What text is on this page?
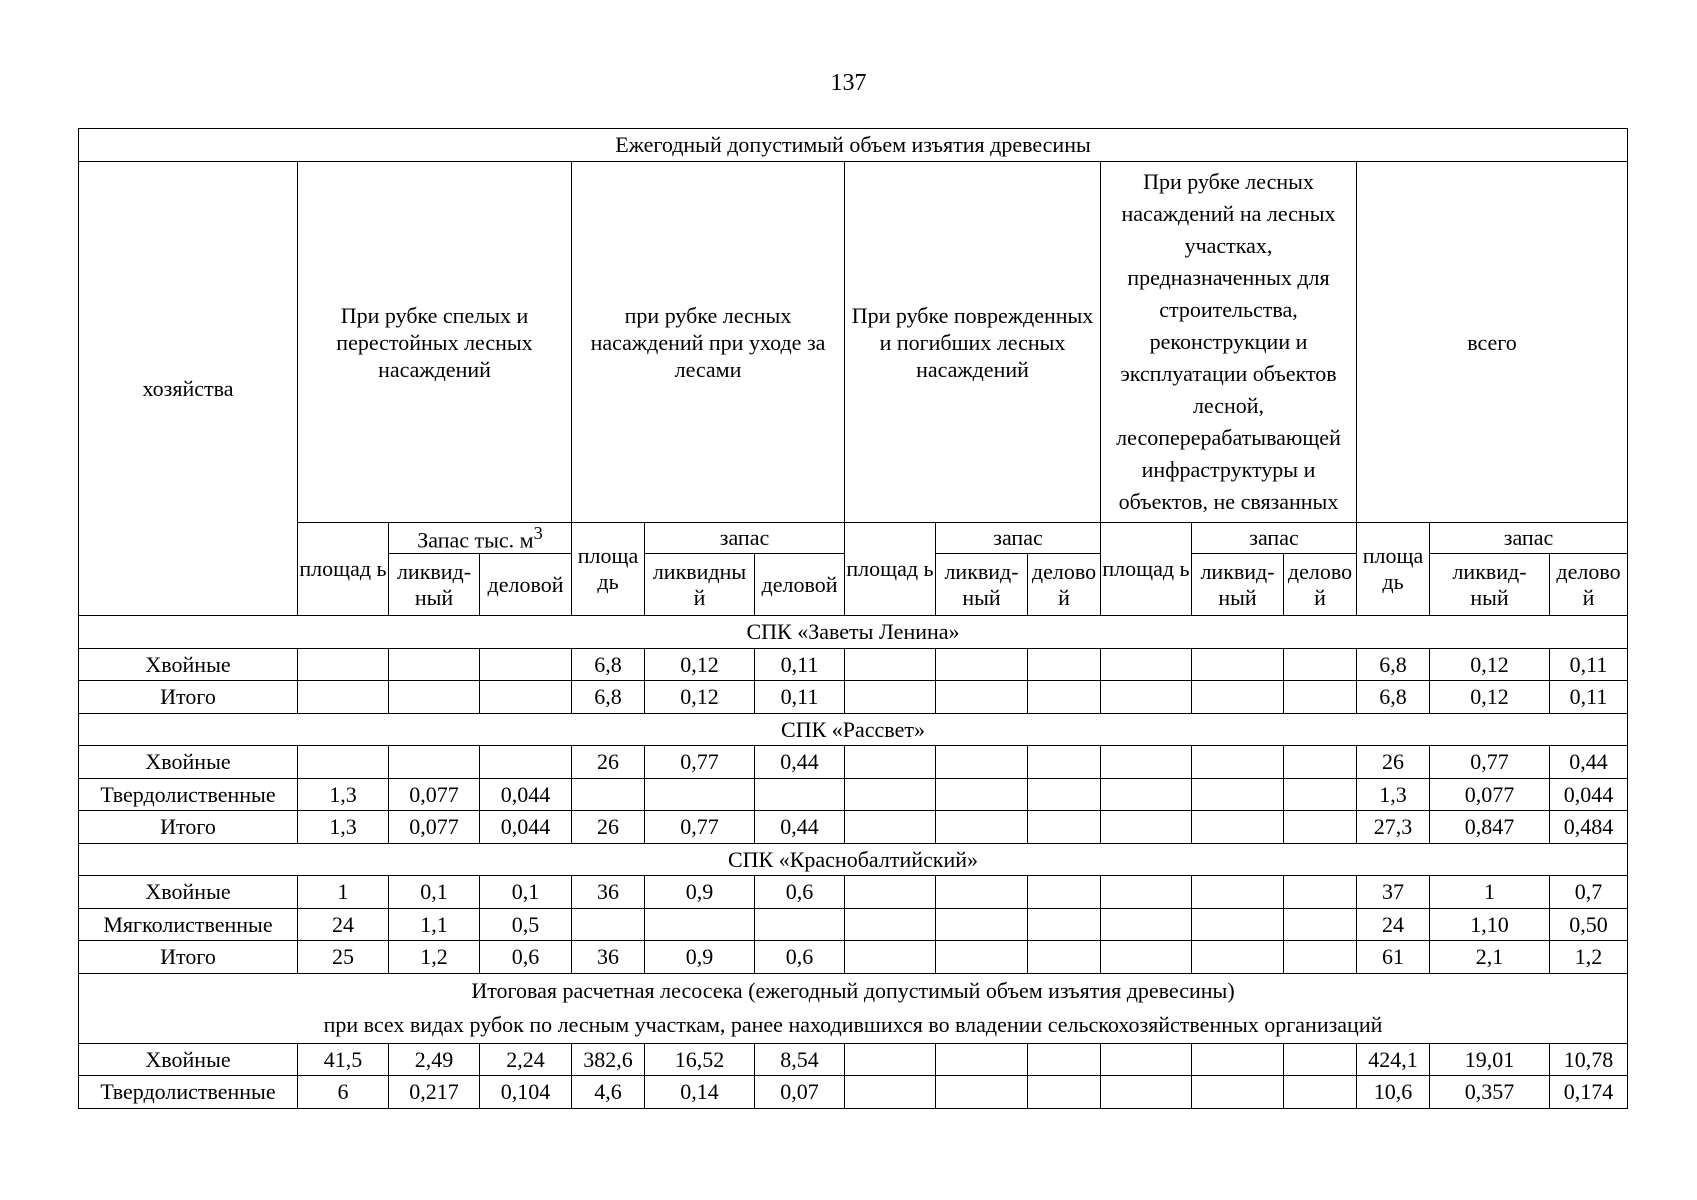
137
Ежегодный допустимый объем изъятия древесины															
хозяйства	При рубке спелых и перестойных лесных насаждений			при рубке лесных насаждений при уходе за лесами			При рубке поврежденных и погибших лесных насаждений			При рубке лесных насаждений на лесных участках, предназначенных для строительства, реконструкции и эксплуатации объектов лесной, лесоперерабатывающей инфраструктуры и объектов, не связанных			всего		
	площад ь	Запас тыс. $м^3$		площа дь	запас		площад ь	запас		площад ь	запас		площа дь	запас	
		ликвид- ный	деловой		ликвидны й	деловой		ликвид- ный	делово й		ликвид- ный	делово й		ликвид- ный	делово й

СПК «Заветы Ленина»															

Хвойные				6,8	0,12	0,11							6,8	0,12	0,11
Итого				6,8	0,12	0,11							6,8	0,12	0,11

СПК «Рассвет»															

Хвойные				26	0,77	0,44							26	0,77	0,44
Твердолиственные	1,3	0,077	0,044										1,3	0,077	0,044
Итого	1,3	0,077	0,044	26	0,77	0,44							27,3	0,847	0,484

СПК «Краснобалтийский»															

Хвойные	1	0,1	0,1	36	0,9	0,6							37	1	0,7
Мягколиственные	24	1,1	0,5										24	1,10	0,50
Итого	25	1,2	0,6	36	0,9	0,6							61	2,1	1,2

Итоговая расчетная лесосека (ежегодный допустимый объем изъятия древесины)
при всех видах рубок по лесным участкам, ранее находившихся во владении сельскохозяйственных организаций															

Хвойные	41,5	2,49	2,24	382,6	16,52	8,54							424,1	19,01	10,78
Твердолиственные	6	0,217	0,104	4,6	0,14	0,07							10,6	0,357	0,174
